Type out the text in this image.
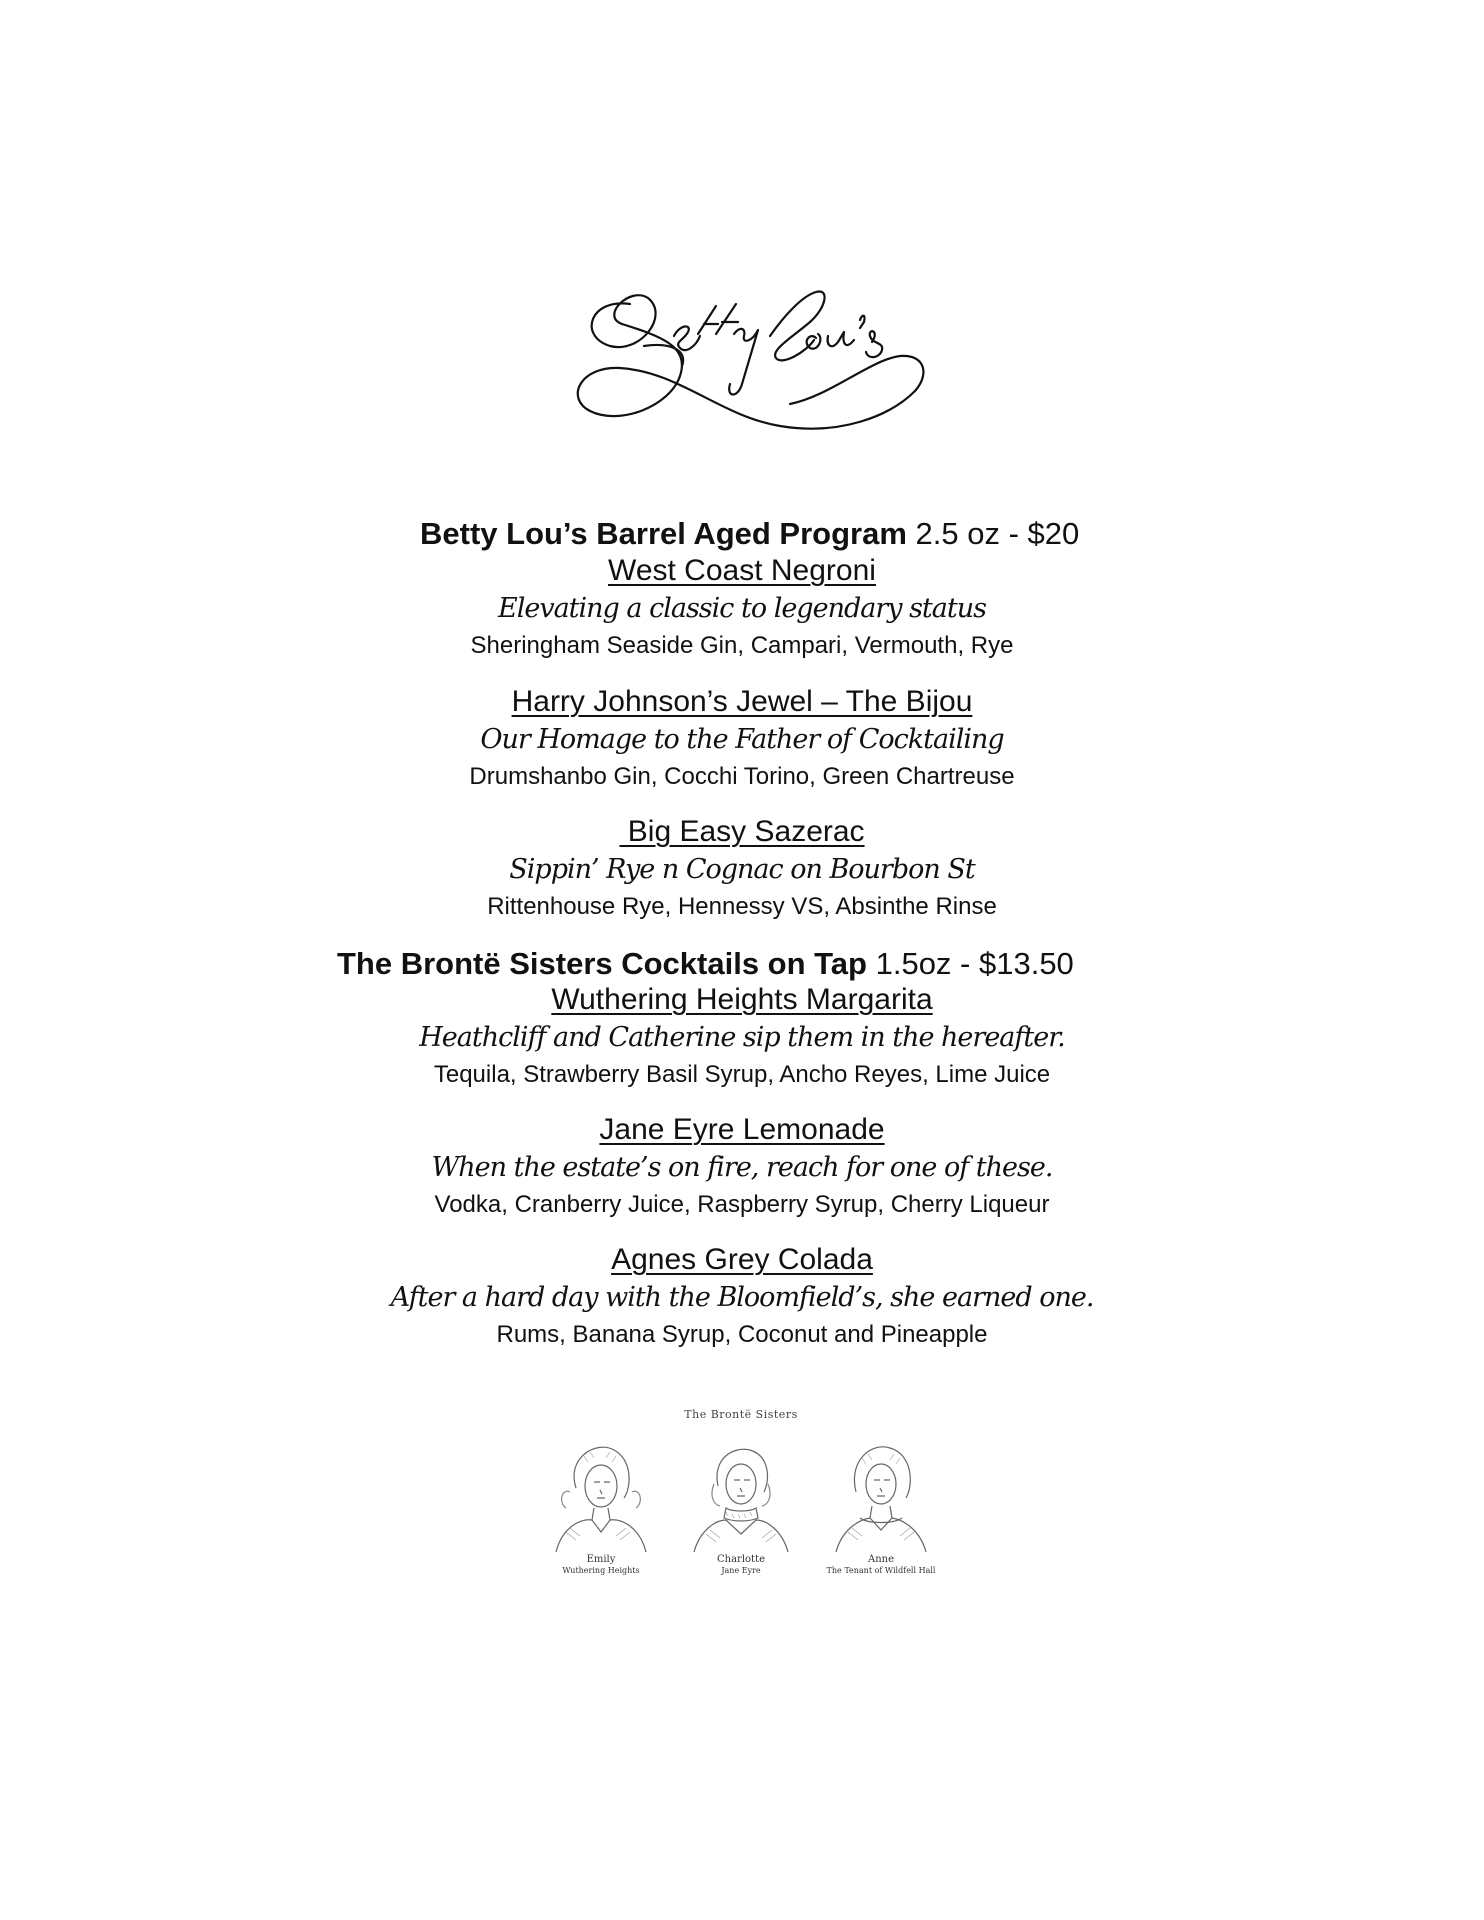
Betty Lou’s Barrel Aged Program 2.5 oz - $20
West Coast Negroni
Elevating a classic to legendary status
Sheringham Seaside Gin, Campari, Vermouth, Rye
Harry Johnson’s Jewel – The Bijou
Our Homage to the Father of Cocktailing
Drumshanbo Gin, Cocchi Torino, Green Chartreuse
Big Easy Sazerac
Sippin’ Rye n Cognac on Bourbon St
Rittenhouse Rye, Hennessy VS, Absinthe Rinse
The Brontë Sisters Cocktails on Tap 1.5oz - $13.50
Wuthering Heights Margarita
Heathcliff and Catherine sip them in the hereafter.
Tequila, Strawberry Basil Syrup, Ancho Reyes, Lime Juice
Jane Eyre Lemonade
When the estate’s on fire, reach for one of these.
Vodka, Cranberry Juice, Raspberry Syrup, Cherry Liqueur
Agnes Grey Colada
After a hard day with the Bloomfield’s, she earned one.
Rums, Banana Syrup, Coconut and Pineapple
The Brontë Sisters
Emily
Wuthering Heights
Charlotte
Jane Eyre
Anne
The Tenant of Wildfell Hall
